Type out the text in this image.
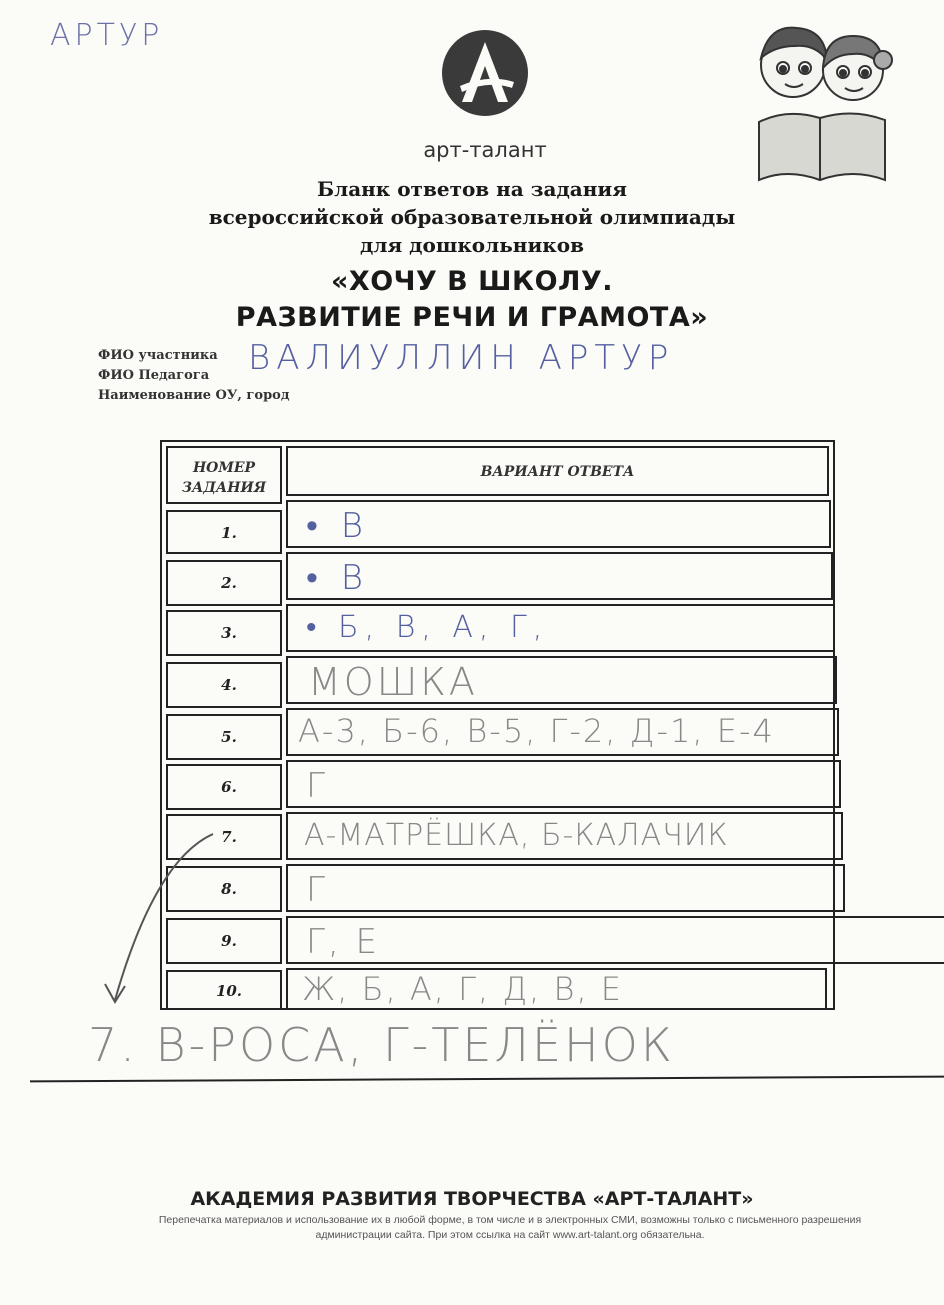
АРТУР
арт-талант
Бланк ответов на задания
всероссийской образовательной олимпиады
для дошкольников
«ХОЧУ В ШКОЛУ.
РАЗВИТИЕ РЕЧИ И ГРАМОТА»
ФИО участника
ФИО Педагога
Наименование ОУ, город
ВАЛИУЛЛИН АРТУР
НОМЕР
ЗАДАНИЯ
ВАРИАНТ ОТВЕТА
1.	• В
2.	• В
3.	• Б, В, А, Г,
4.	МОШКА
5.	А-3, Б-6, В-5, Г-2, Д-1, Е-4
6.	Г
7.	А-МАТРЁШКА, Б-КАЛАЧИК
8.	Г
9.	Г, Е
10.	Ж, Б, А, Г, Д, В, Е
7. В-РОСА, Г-ТЕЛЁНОК
АКАДЕМИЯ РАЗВИТИЯ ТВОРЧЕСТВА «АРТ-ТАЛАНТ»
Перепечатка материалов и использование их в любой форме, в том числе и в электронных СМИ, возможны только с письменного разрешения администрации сайта. При этом ссылка на сайт www.art-talant.org обязательна.
